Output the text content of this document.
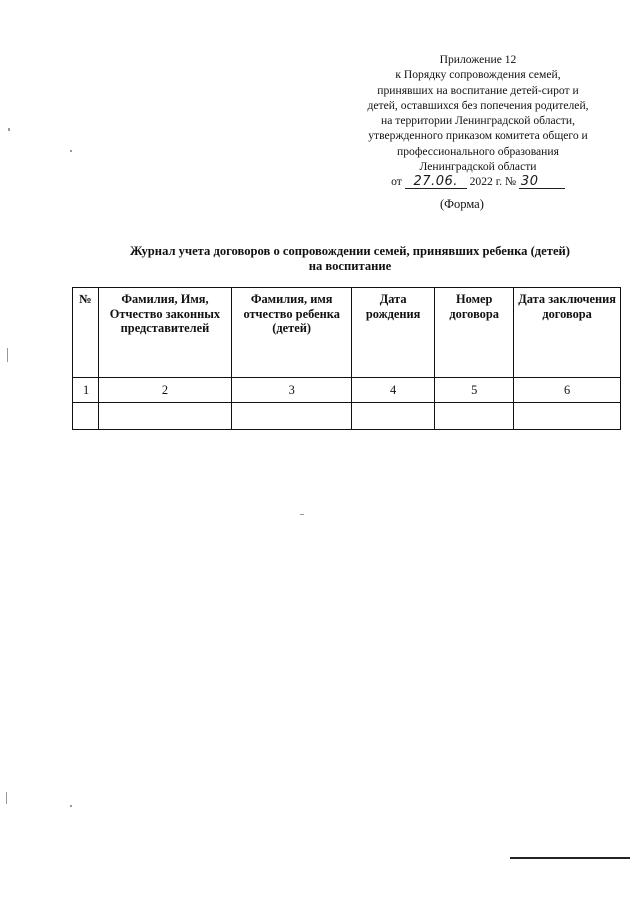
Приложение 12
к Порядку сопровождения семей,
принявших на воспитание детей-сирот и
детей, оставшихся без попечения родителей,
на территории Ленинградской области,
утвержденного приказом комитета общего и
профессионального образования
Ленинградской области
от 27.06. 2022 г. № 30
(Форма)
Журнал учета договоров о сопровождении семей, принявших ребенка (детей)
на воспитание
№	Фамилия, Имя, Отчество законных представителей	Фамилия, имя отчество ребенка (детей)	Дата рождения	Номер договора	Дата заключения договора
1	2	3	4	5	6
